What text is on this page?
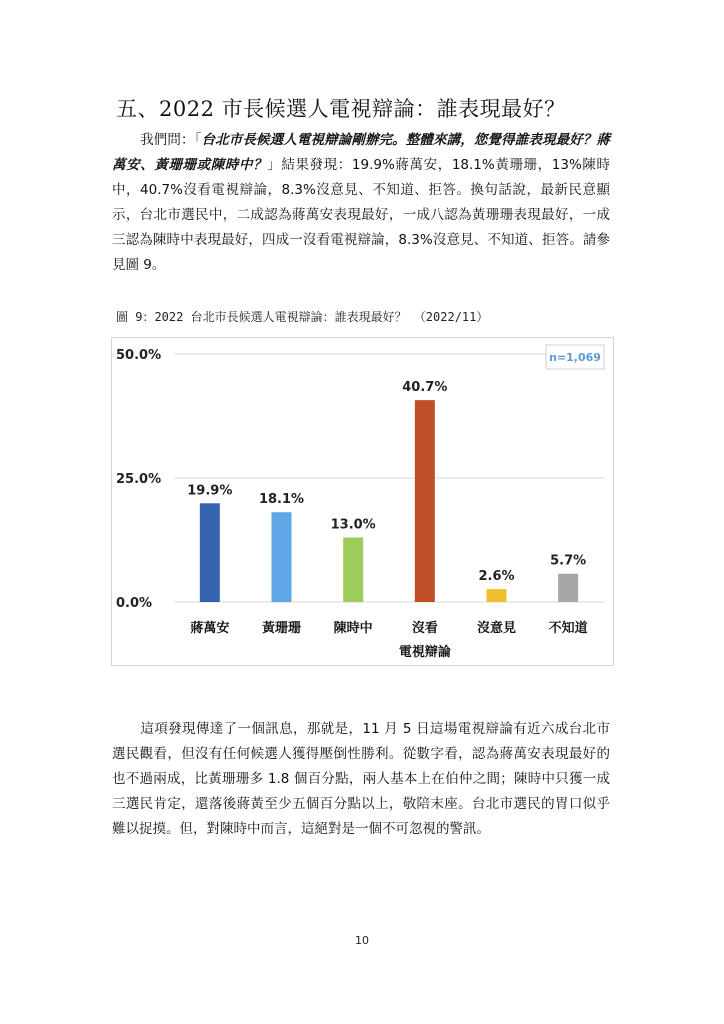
五、2022 市長候選人電視辯論：誰表現最好？
我們問：「台北市長候選人電視辯論剛辦完。整體來講，您覺得誰表現最好？蔣萬安、黃珊珊或陳時中？」結果發現：19.9%蔣萬安，18.1%黃珊珊，13%陳時中，40.7%沒看電視辯論，8.3%沒意見、不知道、拒答。換句話說，最新民意顯示，台北市選民中，二成認為蔣萬安表現最好，一成八認為黃珊珊表現最好，一成三認為陳時中表現最好，四成一沒看電視辯論，8.3%沒意見、不知道、拒答。請參見圖 9。
圖 9：2022 台北市長候選人電視辯論：誰表現最好？ （2022/11）
0.0%
25.0%
50.0%
19.9%
蔣萬安
18.1%
黃珊珊
13.0%
陳時中
40.7%
沒看
電視辯論
2.6%
沒意見
5.7%
不知道
n=1,069
這項發現傳達了一個訊息，那就是，11 月 5 日這場電視辯論有近六成台北市選民觀看，但沒有任何候選人獲得壓倒性勝利。從數字看，認為蔣萬安表現最好的也不過兩成，比黃珊珊多 1.8 個百分點，兩人基本上在伯仲之間；陳時中只獲一成三選民肯定，還落後蔣黃至少五個百分點以上，敬陪末座。台北市選民的胃口似乎難以捉摸。但，對陳時中而言，這絕對是一個不可忽視的警訊。
10
